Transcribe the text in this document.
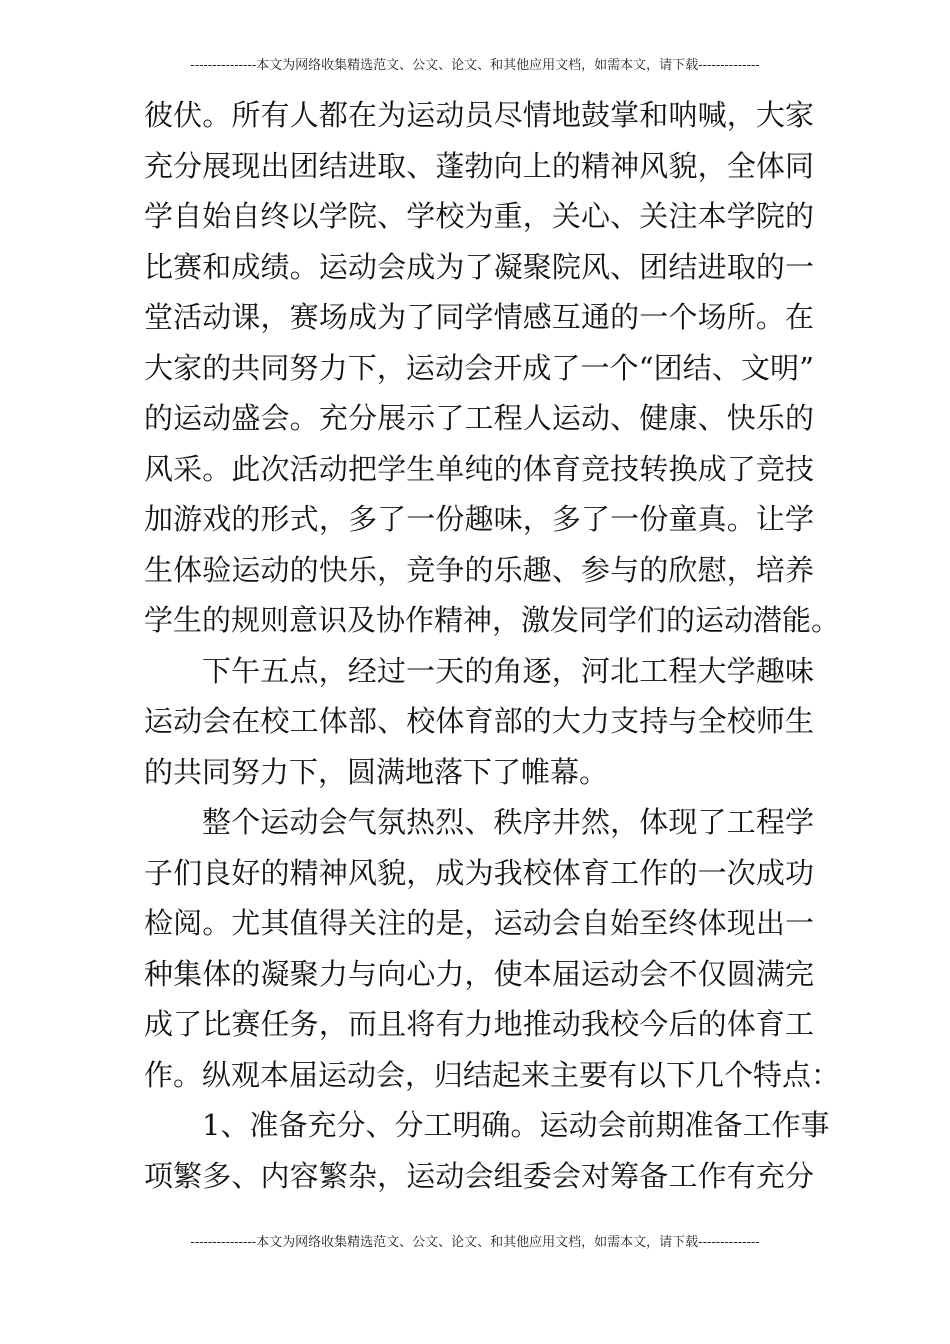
---------------本文为网络收集精选范文、公文、论文、和其他应用文档，如需本文，请下载--------------
彼伏。所有人都在为运动员尽情地鼓掌和呐喊，大家
充分展现出团结进取、蓬勃向上的精神风貌，全体同
学自始自终以学院、学校为重，关心、关注本学院的
比赛和成绩。运动会成为了凝聚院风、团结进取的一
堂活动课，赛场成为了同学情感互通的一个场所。在
大家的共同努力下，运动会开成了一个“团结、文明”
的运动盛会。充分展示了工程人运动、健康、快乐的
风采。此次活动把学生单纯的体育竞技转换成了竞技
加游戏的形式，多了一份趣味，多了一份童真。让学
生体验运动的快乐，竞争的乐趣、参与的欣慰，培养
学生的规则意识及协作精神，激发同学们的运动潜能。
下午五点，经过一天的角逐，河北工程大学趣味
运动会在校工体部、校体育部的大力支持与全校师生
的共同努力下，圆满地落下了帷幕。
整个运动会气氛热烈、秩序井然，体现了工程学
子们良好的精神风貌，成为我校体育工作的一次成功
检阅。尤其值得关注的是，运动会自始至终体现出一
种集体的凝聚力与向心力，使本届运动会不仅圆满完
成了比赛任务，而且将有力地推动我校今后的体育工
作。纵观本届运动会，归结起来主要有以下几个特点：
1、准备充分、分工明确。运动会前期准备工作事
项繁多、内容繁杂，运动会组委会对筹备工作有充分
---------------本文为网络收集精选范文、公文、论文、和其他应用文档，如需本文，请下载--------------
